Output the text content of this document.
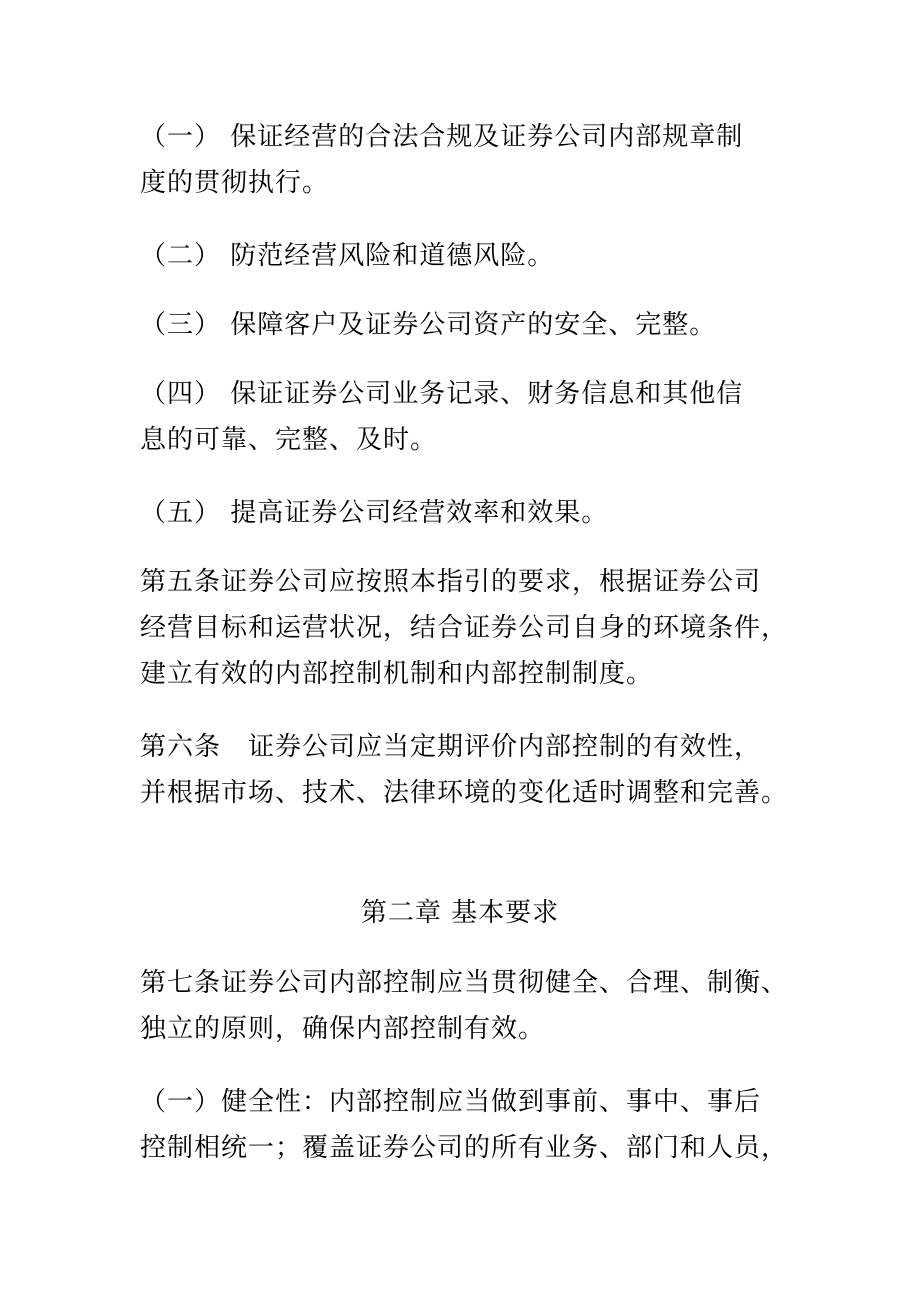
（一） 保证经营的合法合规及证券公司内部规章制
度的贯彻执行。
（二） 防范经营风险和道德风险。
（三） 保障客户及证券公司资产的安全、完整。
（四） 保证证券公司业务记录、财务信息和其他信
息的可靠、完整、及时。
（五） 提高证券公司经营效率和效果。
第五条证券公司应按照本指引的要求，根据证券公司
经营目标和运营状况，结合证券公司自身的环境条件，
建立有效的内部控制机制和内部控制制度。
第六条　证券公司应当定期评价内部控制的有效性，
并根据市场、技术、法律环境的变化适时调整和完善。
第二章 基本要求
第七条证券公司内部控制应当贯彻健全、合理、制衡、
独立的原则，确保内部控制有效。
（一）健全性：内部控制应当做到事前、事中、事后
控制相统一；覆盖证券公司的所有业务、部门和人员，
